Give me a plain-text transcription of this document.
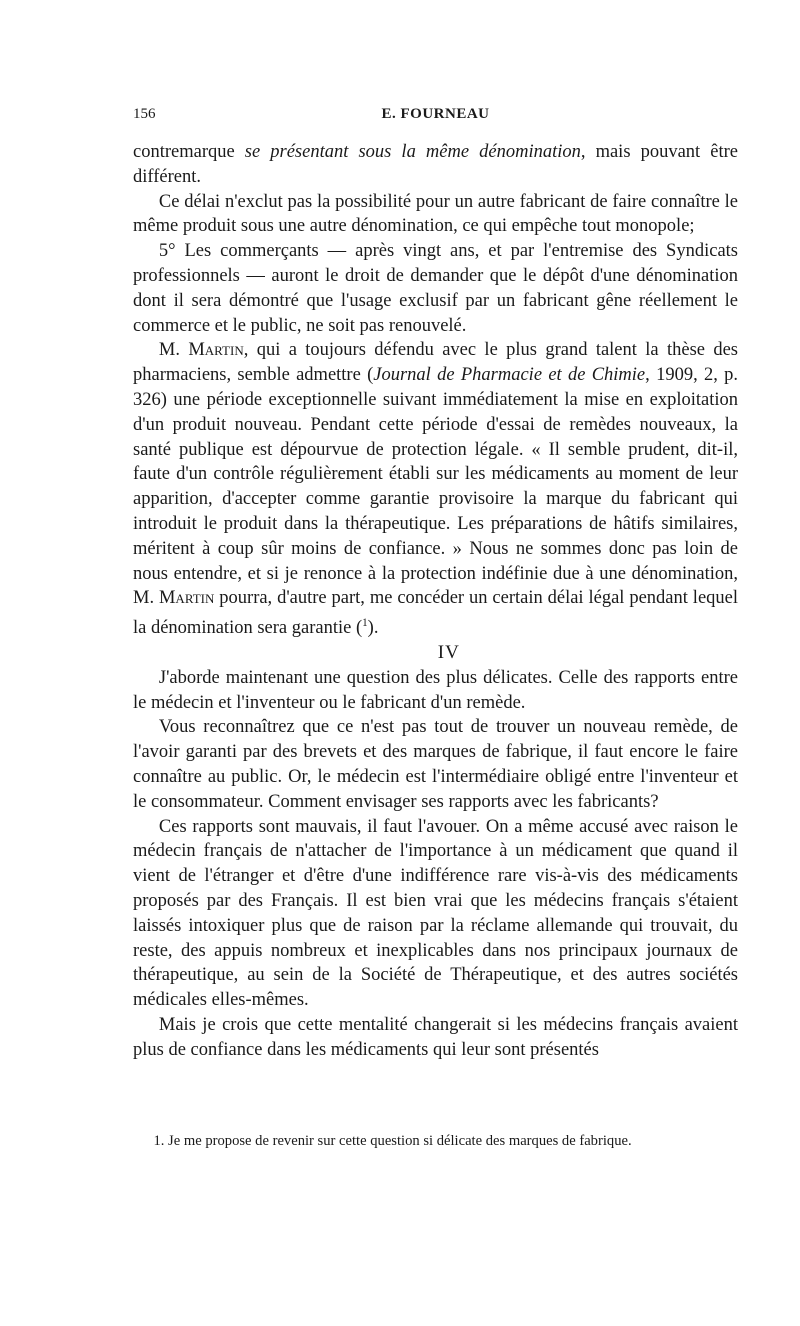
156	E. FOURNEAU

contremarque se présentant sous la même dénomination, mais pouvant être différent.

Ce délai n'exclut pas la possibilité pour un autre fabricant de faire connaître le même produit sous une autre dénomination, ce qui empêche tout monopole;

5° Les commerçants — après vingt ans, et par l'entremise des Syndicats professionnels — auront le droit de demander que le dépôt d'une dénomination dont il sera démontré que l'usage exclusif par un fabricant gêne réellement le commerce et le public, ne soit pas renouvelé.

M. Martin, qui a toujours défendu avec le plus grand talent la thèse des pharmaciens, semble admettre (Journal de Pharmacie et de Chimie, 1909, 2, p. 326) une période exceptionnelle suivant immédiatement la mise en exploitation d'un produit nouveau. Pendant cette période d'essai de remèdes nouveaux, la santé publique est dépourvue de protection légale. « Il semble prudent, dit-il, faute d'un contrôle régulièrement établi sur les médicaments au moment de leur apparition, d'accepter comme garantie provisoire la marque du fabricant qui introduit le produit dans la thérapeutique. Les préparations de hâtifs similaires, méritent à coup sûr moins de confiance. » Nous ne sommes donc pas loin de nous entendre, et si je renonce à la protection indéfinie due à une dénomination, M. Martin pourra, d'autre part, me concéder un certain délai légal pendant lequel la dénomination sera garantie ($^1$).

IV

J'aborde maintenant une question des plus délicates. Celle des rapports entre le médecin et l'inventeur ou le fabricant d'un remède.

Vous reconnaîtrez que ce n'est pas tout de trouver un nouveau remède, de l'avoir garanti par des brevets et des marques de fabrique, il faut encore le faire connaître au public. Or, le médecin est l'intermédiaire obligé entre l'inventeur et le consommateur. Comment envisager ses rapports avec les fabricants?

Ces rapports sont mauvais, il faut l'avouer. On a même accusé avec raison le médecin français de n'attacher de l'importance à un médicament que quand il vient de l'étranger et d'être d'une indifférence rare vis-à-vis des médicaments proposés par des Français. Il est bien vrai que les médecins français s'étaient laissés intoxiquer plus que de raison par la réclame allemande qui trouvait, du reste, des appuis nombreux et inexplicables dans nos principaux journaux de thérapeutique, au sein de la Société de Thérapeutique, et des autres sociétés médicales elles-mêmes.

Mais je crois que cette mentalité changerait si les médecins français avaient plus de confiance dans les médicaments qui leur sont présentés

1. Je me propose de revenir sur cette question si délicate des marques de fabrique.
